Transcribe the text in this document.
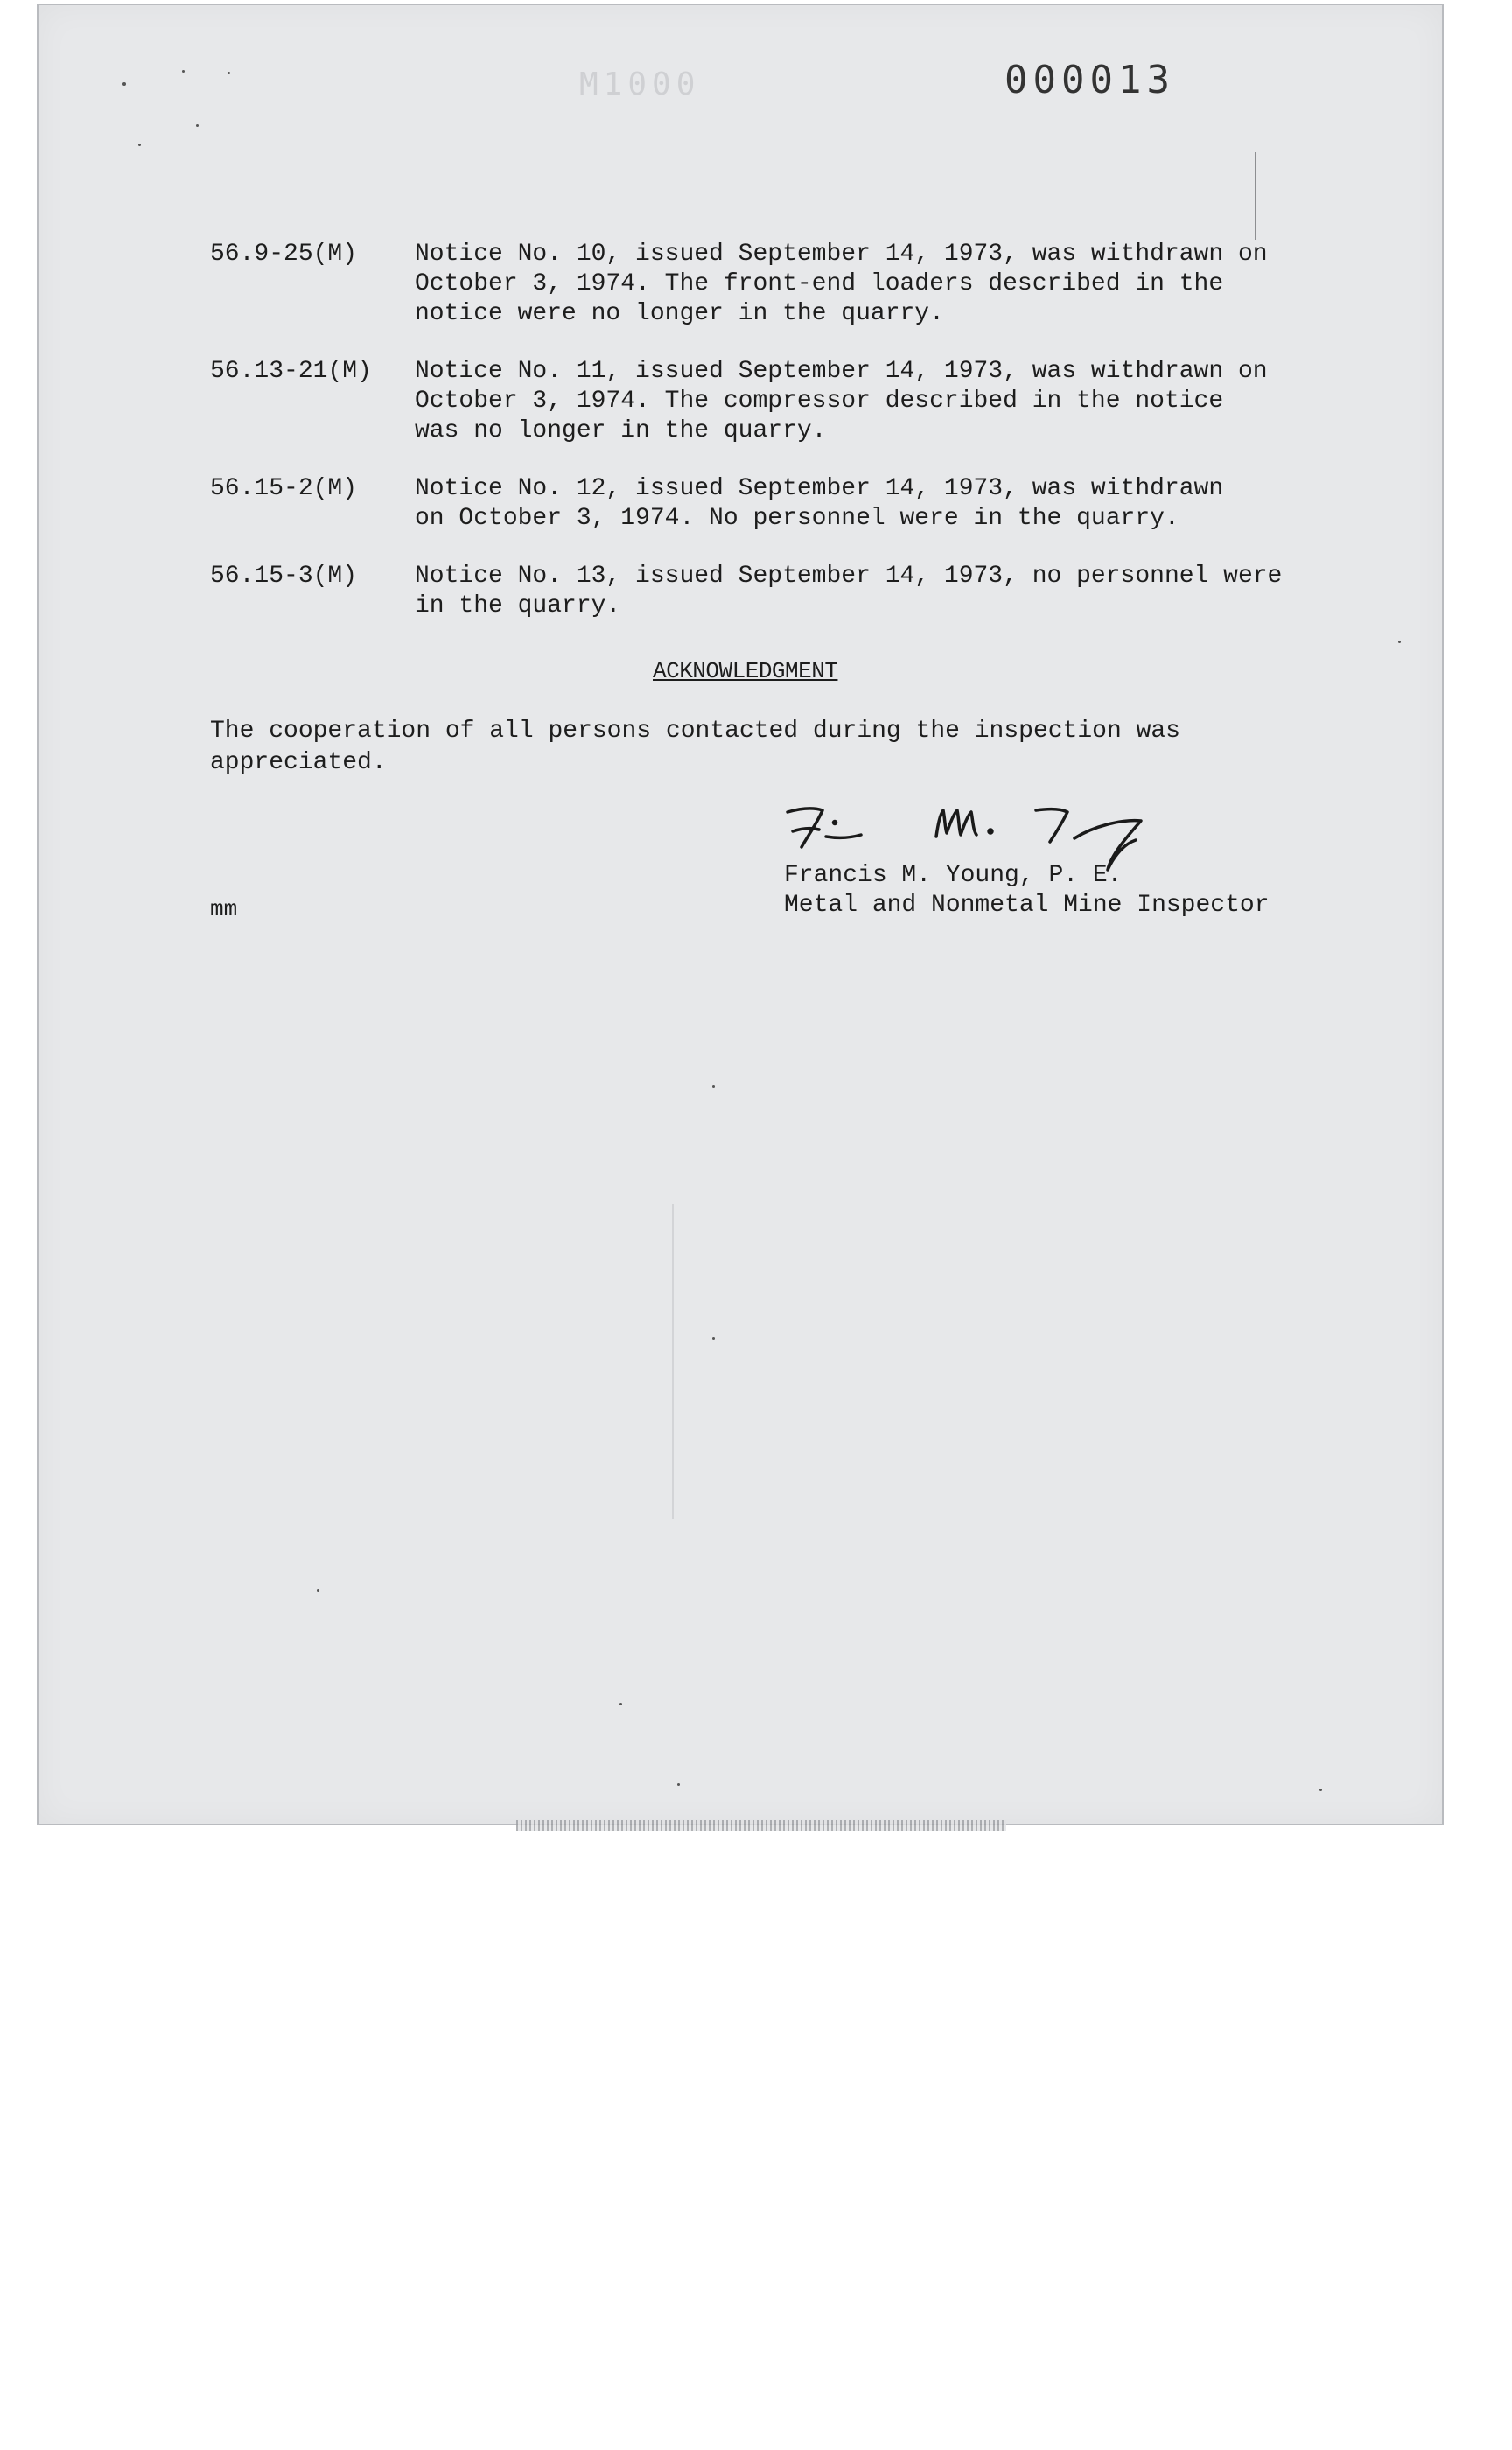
M1000	000013
56.9-25(M) Notice No. 10, issued September 14, 1973, was withdrawn on
October 3, 1974. The front-end loaders described in the
notice were no longer in the quarry.
56.13-21(M) Notice No. 11, issued September 14, 1973, was withdrawn on
October 3, 1974. The compressor described in the notice
was no longer in the quarry.
56.15-2(M) Notice No. 12, issued September 14, 1973, was withdrawn
on October 3, 1974. No personnel were in the quarry.
56.15-3(M) Notice No. 13, issued September 14, 1973, no personnel were
in the quarry.
ACKNOWLEDGMENT
The cooperation of all persons contacted during the inspection was
appreciated.
Francis M. Young, P. E.
Metal and Nonmetal Mine Inspector
mm
